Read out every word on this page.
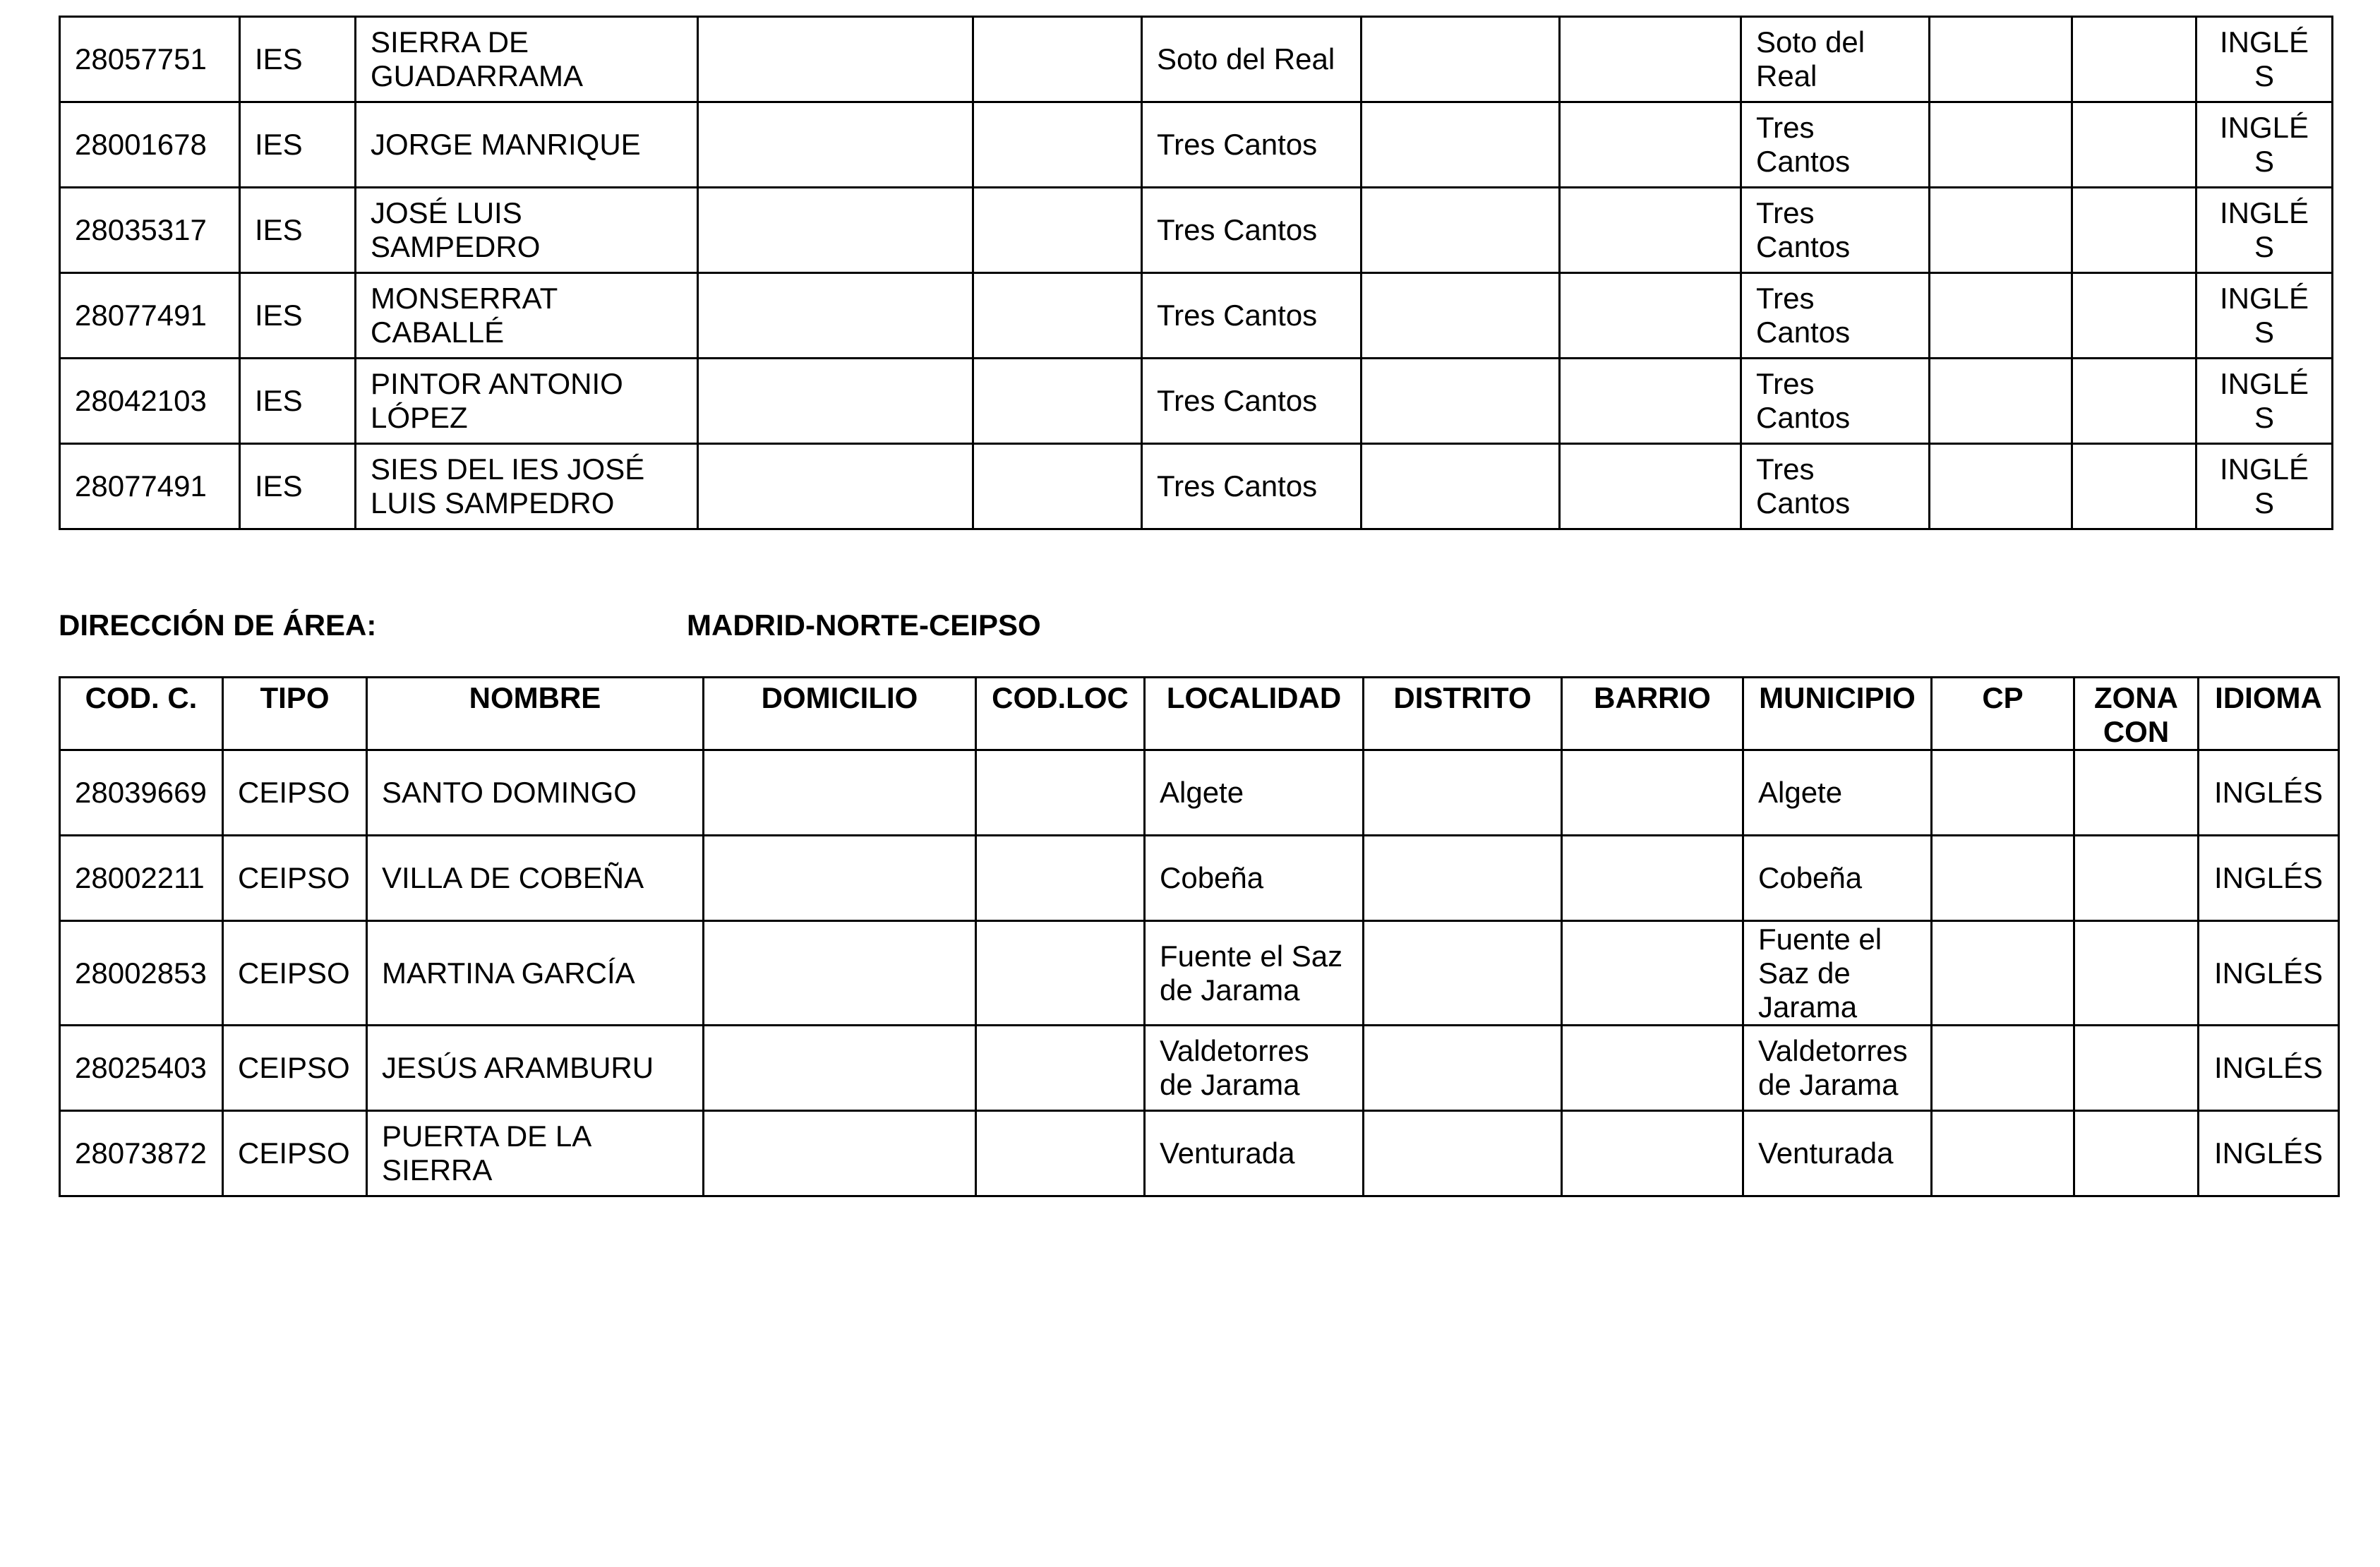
28057751	IES	SIERRA DE GUADARRAMA			Soto del Real			Soto del Real			INGLÉS
28001678	IES	JORGE MANRIQUE			Tres Cantos			Tres Cantos			INGLÉS
28035317	IES	JOSÉ LUIS SAMPEDRO			Tres Cantos			Tres Cantos			INGLÉS
28077491	IES	MONSERRAT CABALLÉ			Tres Cantos			Tres Cantos			INGLÉS
28042103	IES	PINTOR ANTONIO LÓPEZ			Tres Cantos			Tres Cantos			INGLÉS
28077491	IES	SIES DEL IES JOSÉ LUIS SAMPEDRO			Tres Cantos			Tres Cantos			INGLÉS
DIRECCIÓN DE ÁREA:	MADRID-NORTE-CEIPSO
COD. C.	TIPO	NOMBRE	DOMICILIO	COD.LOC	LOCALIDAD	DISTRITO	BARRIO	MUNICIPIO	CP	ZONA CON	IDIOMA
28039669	CEIPSO	SANTO DOMINGO			Algete			Algete			INGLÉS
28002211	CEIPSO	VILLA DE COBEÑA			Cobeña			Cobeña			INGLÉS
28002853	CEIPSO	MARTINA GARCÍA			Fuente el Saz de Jarama			Fuente el Saz de Jarama			INGLÉS
28025403	CEIPSO	JESÚS ARAMBURU			Valdetorres de Jarama			Valdetorres de Jarama			INGLÉS
28073872	CEIPSO	PUERTA DE LA SIERRA			Venturada			Venturada			INGLÉS
